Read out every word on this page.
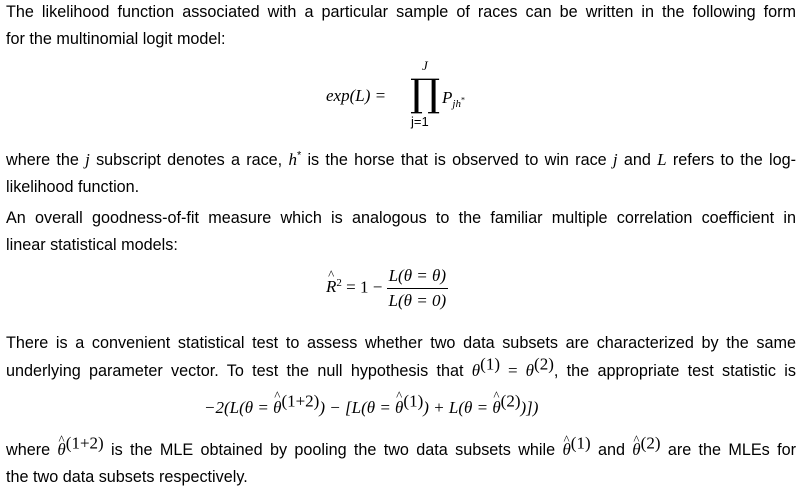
The likelihood function associated with a particular sample of races can be written in the following form
for the multinomial logit model:

exp(L) =
J
∏
j=1
$P_{jh^*}$

where the j subscript denotes a race, h* is the horse that is observed to win race j and L refers to the log-
likelihood function.

An overall goodness-of-fit measure which is analogous to the familiar multiple correlation coefficient in
linear statistical models:

^ $R^2 = 1 - \frac{L(\theta = \theta)}{L(\theta = 0)}$

There is a convenient statistical test to assess whether two data subsets are characterized by the same
underlying parameter vector. To test the null hypothesis that $\theta^{(1)} = \theta^{(2)}$, the appropriate test statistic is

−2(L(θ = ^ $\theta^{(1+2)}) - [L(\theta$ = ^ $\theta^{(1)}) + L(\theta$ = ^ $\theta^{(2)}$)])

where ^ $\theta^{(1+2)}$ is the MLE obtained by pooling the two data subsets while ^ $\theta^{(1)}$ and ^ $\theta^{(2)}$ are the MLEs for
the two data subsets respectively.
